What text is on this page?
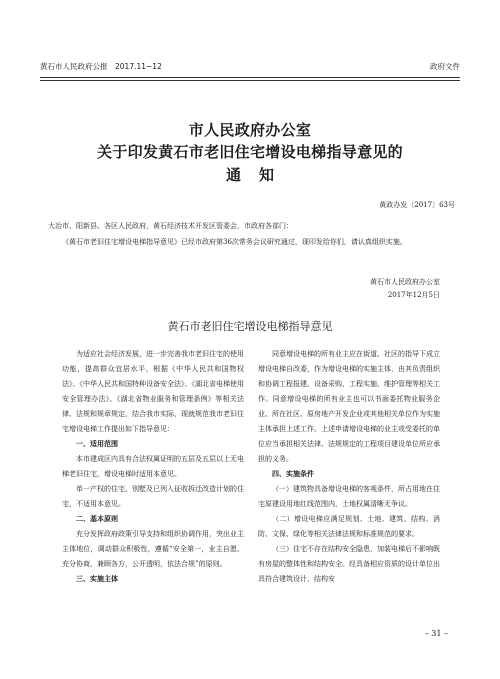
黄石市人民政府公报　2017.11−12	政府文件
市人民政府办公室
关于印发黄石市老旧住宅增设电梯指导意见的
通知
黄政办发〔2017〕63号
大冶市、阳新县、各区人民政府，黄石经济技术开发区管委会，市政府各部门：
《黄石市老旧住宅增设电梯指导意见》已经市政府第36次常务会议研究通过，现印发给你们，请认真组织实施。
黄石市人民政府办公室
2017年12月5日
黄石市老旧住宅增设电梯指导意见

为适应社会经济发展，进一步完善我市老旧住宅的使用功能，提高群众宜居水平，根据《中华人民共和国物权法》、《中华人民共和国特种设备安全法》、《湖北省电梯使用安全管理办法》、《湖北省物业服务和管理条例》等相关法律、法规和规章规定，结合我市实际，现就规范我市老旧住宅增设电梯工作提出如下指导意见：

一、适用范围

本市建成区内具有合法权属证明的五层及五层以上无电梯老旧住宅，增设电梯时适用本意见。

单一产权的住宅、别墅及已列入征收拆迁改造计划的住宅，不适用本意见。

二、基本原则

充分发挥政府政策引导支持和组织协调作用，突出业主主体地位，调动群众积极性，遵循“安全第一，业主自愿、充分协商，兼顾各方，公开透明，依法合规”的原则。

三、实施主体

同意增设电梯的所有业主应在街道、社区的指导下成立增设电梯自改委，作为增设电梯的实施主体，由其负责组织和协调工程报建、设备采购、工程实施、维护管理等相关工作。同意增设电梯的所有业主也可以书面委托物业服务企业、所在社区、原房地产开发企业或其他相关单位作为实施主体承担上述工作。上述申请增设电梯的业主或受委托的单位应当承担相关法律、法规规定的工程项目建设单位所应承担的义务。

四、实施条件

（一）建筑物具备增设电梯的客观条件，所占用地在住宅原建设用地红线范围内，土地权属清晰无争议。

（二）增设电梯应满足规划、土地、建筑、结构、消防、文保、绿化等相关法律法规和标准规范的要求。

（三）住宅不存在结构安全隐患，加装电梯后不影响既有房屋的整体性和结构安全。经具备相应资质的设计单位出具符合建筑设计、结构安

– 31 –
